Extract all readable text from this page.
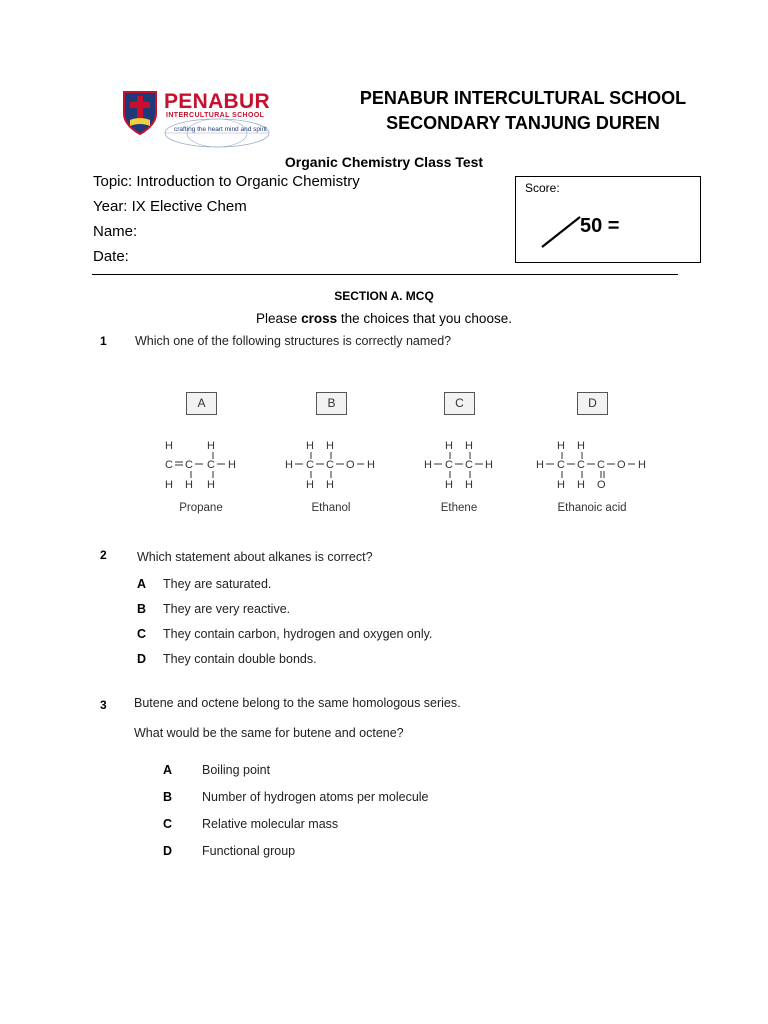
PENABUR
INTERCULTURAL SCHOOL
crafting the heart mind and spirit
PENABUR INTERCULTURAL SCHOOL
SECONDARY TANJUNG DUREN
Organic Chemistry Class Test
Topic: Introduction to Organic Chemistry
Year: IX Elective Chem
Name:
Date:
Score:
50 =
SECTION A. MCQ
Please cross the choices that you choose.
1 Which one of the following structures is correctly named?
A	B	C	D
H	H
C C C H
H H H
Propane
H H
H C C O H
H H
Ethanol
H H
H C C H
H H
Ethene
H H
H C C C O H
H H O
Ethanoic acid
2 Which statement about alkanes is correct?
A They are saturated.
B They are very reactive.
C They contain carbon, hydrogen and oxygen only.
D They contain double bonds.
3 Butene and octene belong to the same homologous series.
What would be the same for butene and octene?
A Boiling point
B Number of hydrogen atoms per molecule
C Relative molecular mass
D Functional group
